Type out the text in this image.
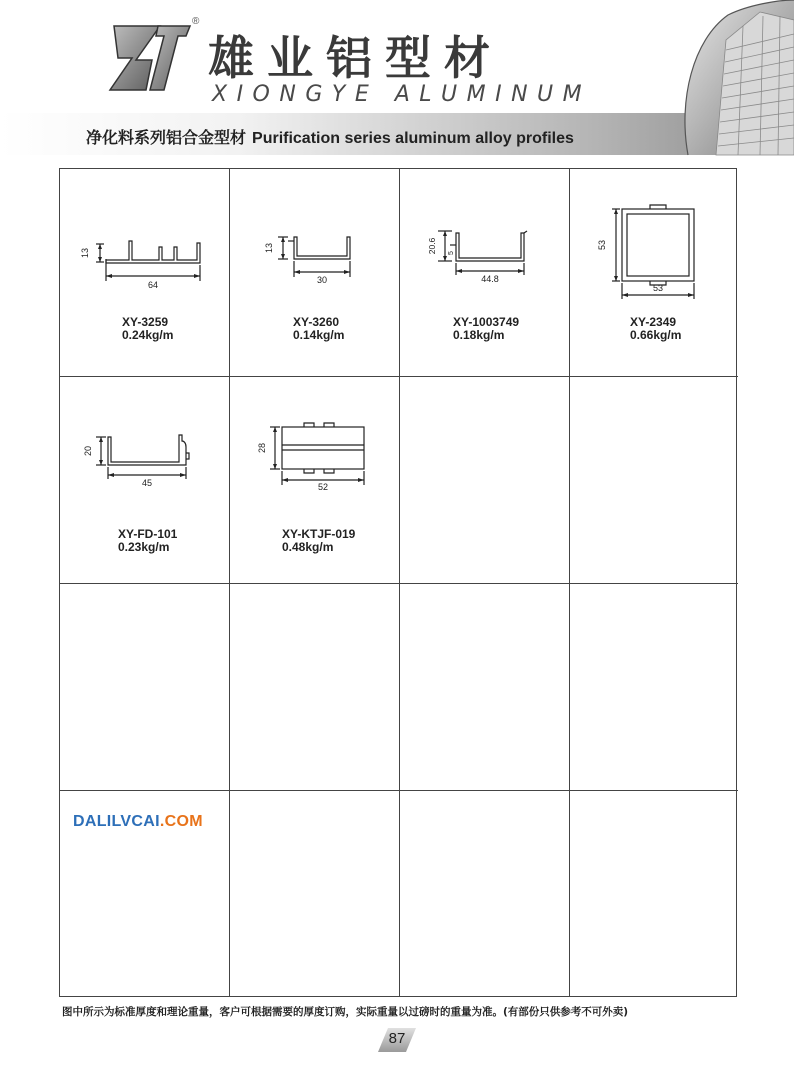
®
雄业铝型材
XIONGYE ALUMINUM
净化料系列铝合金型材 Purification series aluminum alloy profiles
13
64
XY-3259
0.24kg/m
13
30
XY-3260
0.14kg/m
20.6 5
44.8
XY-1003749
0.18kg/m
53
53
XY-2349
0.66kg/m
20
45
XY-FD-101
0.23kg/m
28
52
XY-KTJF-019
0.48kg/m
DALILVCAI.COM
图中所示为标准厚度和理论重量，客户可根据需要的厚度订购，实际重量以过磅时的重量为准。(有部份只供参考不可外卖)
87
